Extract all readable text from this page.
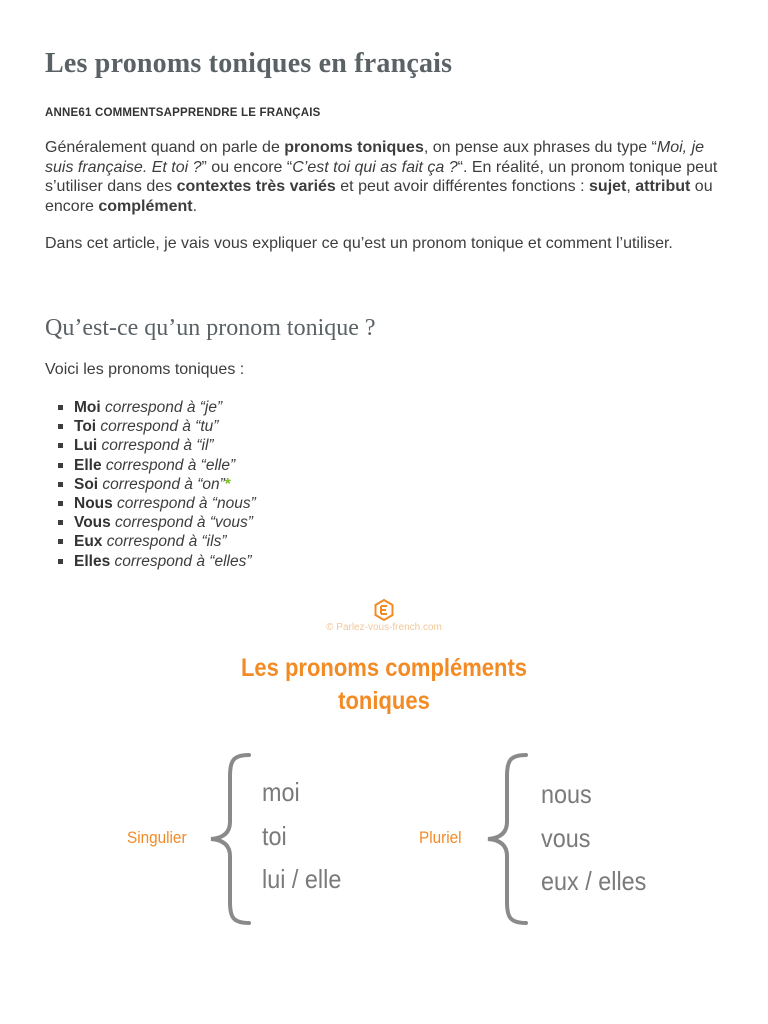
Les pronoms toniques en français
ANNE61 COMMENTSAPPRENDRE LE FRANÇAIS

Généralement quand on parle de pronoms toniques, on pense aux phrases du type “Moi, je suis française. Et toi ?” ou encore “C’est toi qui as fait ça ?“. En réalité, un pronom tonique peut s’utiliser dans des contextes très variés et peut avoir différentes fonctions : sujet, attribut ou encore complément.

Dans cet article, je vais vous expliquer ce qu’est un pronom tonique et comment l’utiliser.

Qu’est-ce qu’un pronom tonique ?
Voici les pronoms toniques :
Moi correspond à “je”
Toi correspond à “tu”
Lui correspond à “il”
Elle correspond à “elle”
Soi correspond à “on”*
Nous correspond à “nous”
Vous correspond à “vous”
Eux correspond à “ils”
Elles correspond à “elles”
© Parlez-vous-french.com
Les pronoms compléments
toniques
Singulier
moi
toi
lui / elle
Pluriel
nous
vous
eux / elles
